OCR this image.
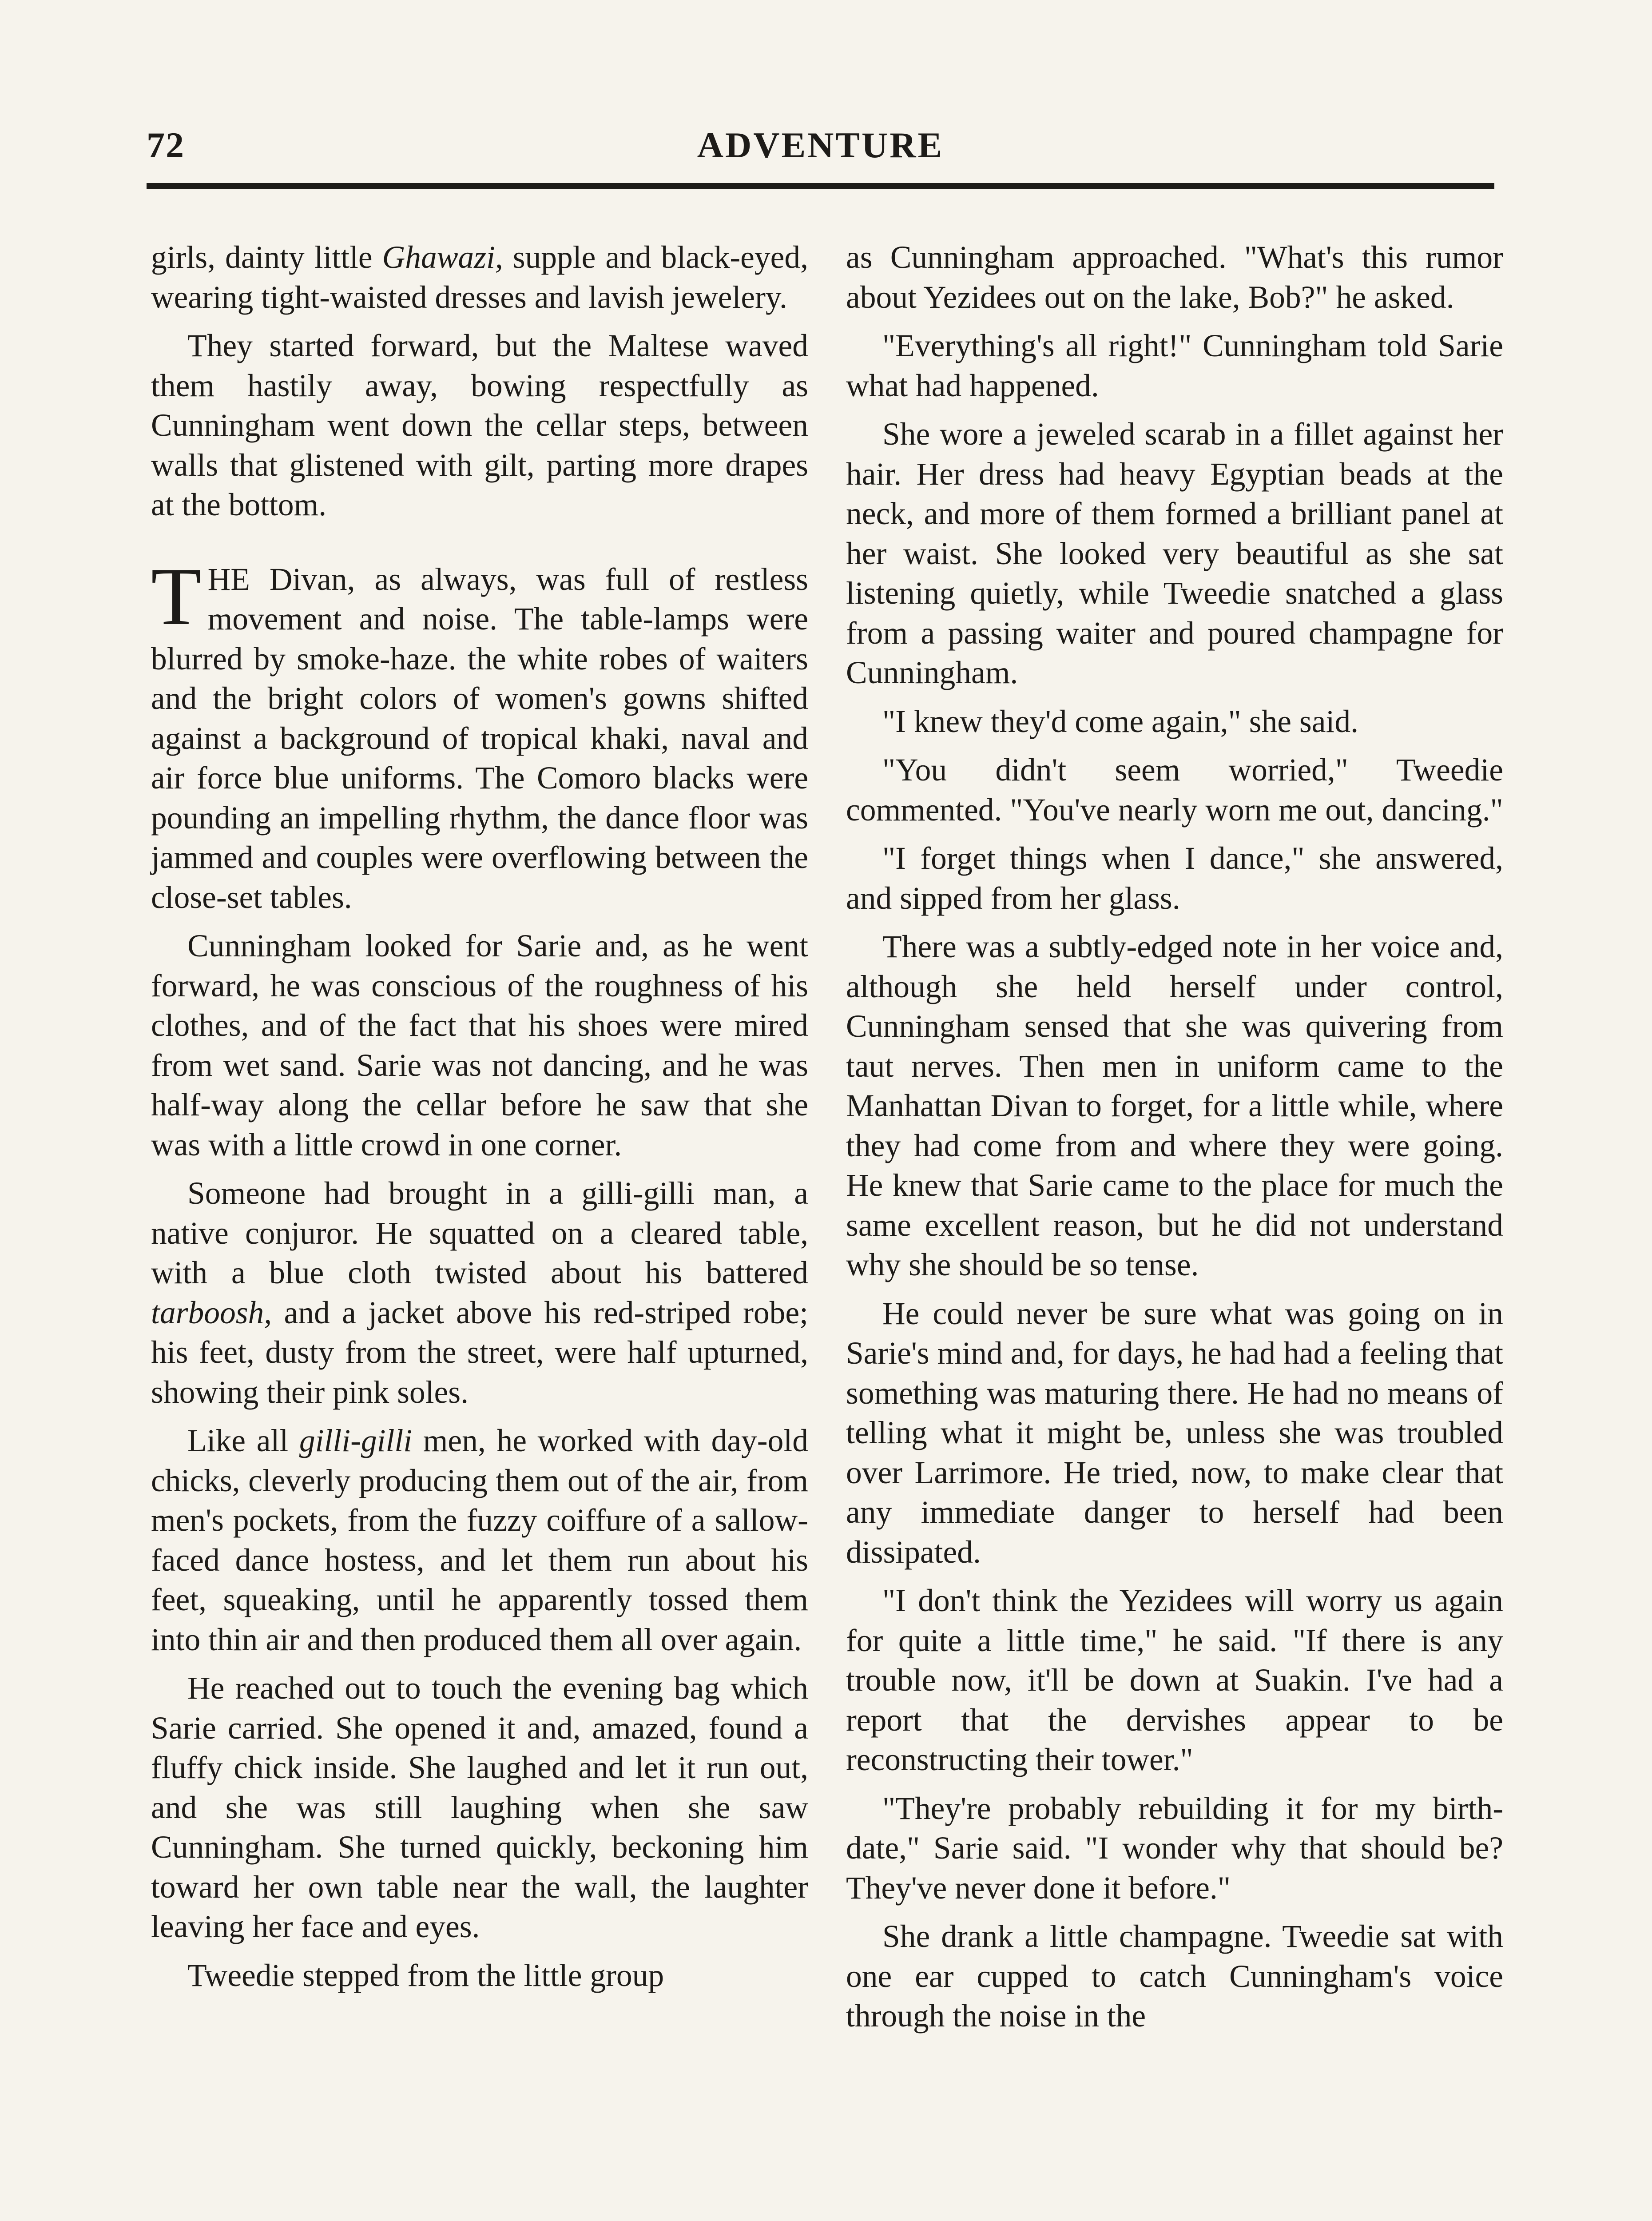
72	ADVENTURE

girls, dainty little Ghawazi, supple and black-eyed, wearing tight-waisted dresses and lavish jewelery.

They started forward, but the Maltese waved them hastily away, bowing respectfully as Cunningham went down the cellar steps, between walls that glistened with gilt, parting more drapes at the bottom.

THE Divan, as always, was full of restless movement and noise. The table-lamps were blurred by smoke-haze. the white robes of waiters and the bright colors of women's gowns shifted against a background of tropical khaki, naval and air force blue uniforms. The Comoro blacks were pounding an impelling rhythm, the dance floor was jammed and couples were overflowing between the close-set tables.

Cunningham looked for Sarie and, as he went forward, he was conscious of the roughness of his clothes, and of the fact that his shoes were mired from wet sand. Sarie was not dancing, and he was half-way along the cellar before he saw that she was with a little crowd in one corner.

Someone had brought in a gilli-gilli man, a native conjuror. He squatted on a cleared table, with a blue cloth twisted about his battered tarboosh, and a jacket above his red-striped robe; his feet, dusty from the street, were half upturned, showing their pink soles.

Like all gilli-gilli men, he worked with day-old chicks, cleverly producing them out of the air, from men's pockets, from the fuzzy coiffure of a sallow-faced dance hostess, and let them run about his feet, squeaking, until he apparently tossed them into thin air and then produced them all over again.

He reached out to touch the evening bag which Sarie carried. She opened it and, amazed, found a fluffy chick inside. She laughed and let it run out, and she was still laughing when she saw Cunningham. She turned quickly, beckoning him toward her own table near the wall, the laughter leaving her face and eyes.

Tweedie stepped from the little group

as Cunningham approached. "What's this rumor about Yezidees out on the lake, Bob?" he asked.

"Everything's all right!" Cunningham told Sarie what had happened.

She wore a jeweled scarab in a fillet against her hair. Her dress had heavy Egyptian beads at the neck, and more of them formed a brilliant panel at her waist. She looked very beautiful as she sat listening quietly, while Tweedie snatched a glass from a passing waiter and poured champagne for Cunningham.

"I knew they'd come again," she said.

"You didn't seem worried," Tweedie commented. "You've nearly worn me out, dancing."

"I forget things when I dance," she answered, and sipped from her glass.

There was a subtly-edged note in her voice and, although she held herself under control, Cunningham sensed that she was quivering from taut nerves. Then men in uniform came to the Manhattan Divan to forget, for a little while, where they had come from and where they were going. He knew that Sarie came to the place for much the same excellent reason, but he did not understand why she should be so tense.

He could never be sure what was going on in Sarie's mind and, for days, he had had a feeling that something was maturing there. He had no means of telling what it might be, unless she was troubled over Larrimore. He tried, now, to make clear that any immediate danger to herself had been dissipated.

"I don't think the Yezidees will worry us again for quite a little time," he said. "If there is any trouble now, it'll be down at Suakin. I've had a report that the dervishes appear to be reconstructing their tower."

"They're probably rebuilding it for my birth-date," Sarie said. "I wonder why that should be? They've never done it before."

She drank a little champagne. Tweedie sat with one ear cupped to catch Cunningham's voice through the noise in the
